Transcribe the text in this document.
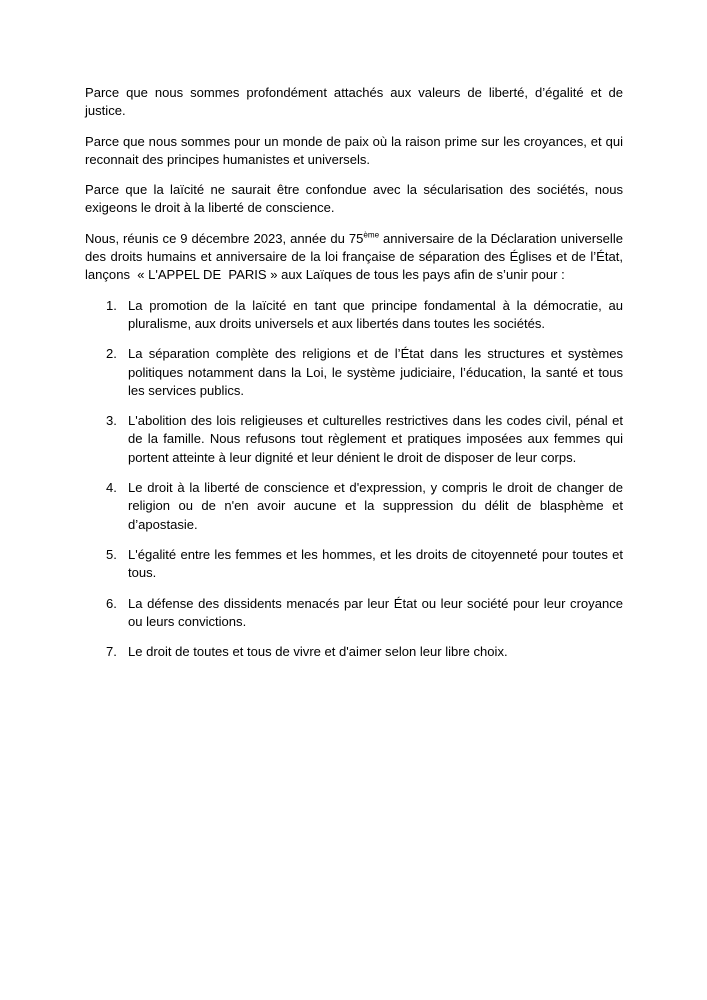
Parce que nous sommes profondément attachés aux valeurs de liberté, d’égalité et de justice.

Parce que nous sommes pour un monde de paix où la raison prime sur les croyances, et qui reconnait des principes humanistes et universels.

Parce que la laïcité ne saurait être confondue avec la sécularisation des sociétés, nous exigeons le droit à la liberté de conscience.

Nous, réunis ce 9 décembre 2023, année du 75ème anniversaire de la Déclaration universelle des droits humains et anniversaire de la loi française de séparation des Églises et de l’État, lançons  « L'APPEL DE  PARIS » aux Laïques de tous les pays afin de s’unir pour :

1. La promotion de la laïcité en tant que principe fondamental à la démocratie, au pluralisme, aux droits universels et aux libertés dans toutes les sociétés.
2. La séparation complète des religions et de l’État dans les structures et systèmes politiques notamment dans la Loi, le système judiciaire, l’éducation, la santé et tous les services publics.
3. L'abolition des lois religieuses et culturelles restrictives dans les codes civil, pénal et de la famille. Nous refusons tout règlement et pratiques imposées aux femmes qui portent atteinte à leur dignité et leur dénient le droit de disposer de leur corps.
4. Le droit à la liberté de conscience et d'expression, y compris le droit de changer de religion ou de n'en avoir aucune et la suppression du délit de blasphème et d’apostasie.
5. L'égalité entre les femmes et les hommes, et les droits de citoyenneté pour toutes et tous.
6. La défense des dissidents menacés par leur État ou leur société pour leur croyance ou leurs convictions.
7. Le droit de toutes et tous de vivre et d'aimer selon leur libre choix.
